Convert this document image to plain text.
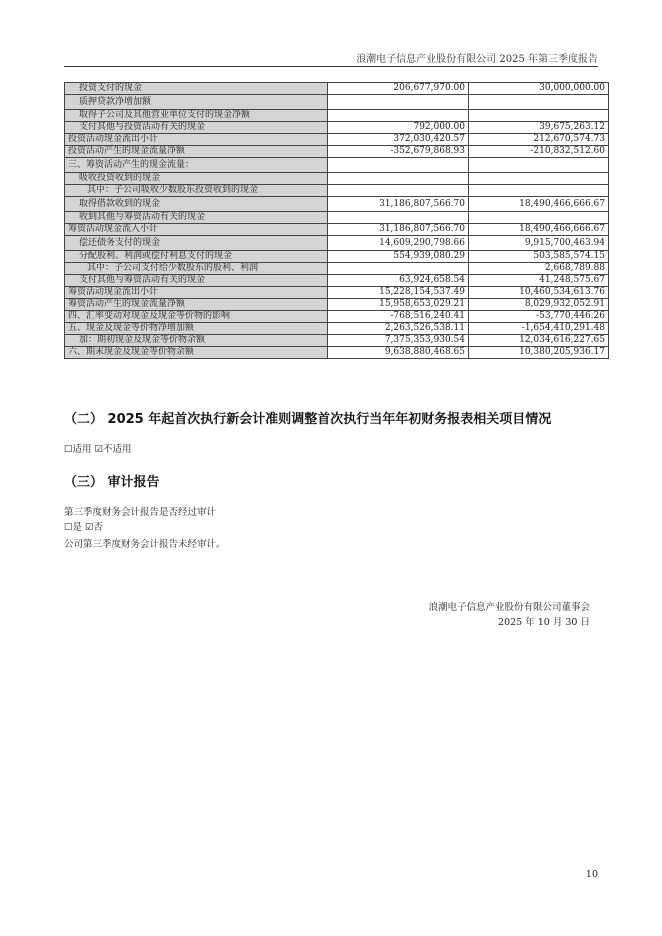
浪潮电子信息产业股份有限公司 2025 年第三季度报告
投资支付的现金	206,677,970.00	30,000,000.00
质押贷款净增加额		
取得子公司及其他营业单位支付的现金净额		
支付其他与投资活动有关的现金	792,000.00	39,675,263.12
投资活动现金流出小计	372,030,420.57	212,670,574.73
投资活动产生的现金流量净额	-352,679,868.93	-210,832,512.60
三、筹资活动产生的现金流量：		
吸收投资收到的现金		
其中：子公司吸收少数股东投资收到的现金		
取得借款收到的现金	31,186,807,566.70	18,490,466,666.67
收到其他与筹资活动有关的现金		
筹资活动现金流入小计	31,186,807,566.70	18,490,466,666.67
偿还债务支付的现金	14,609,290,798.66	9,915,700,463.94
分配股利、利润或偿付利息支付的现金	554,939,080.29	503,585,574.15
其中：子公司支付给少数股东的股利、利润		2,668,789.88
支付其他与筹资活动有关的现金	63,924,658.54	41,248,575.67
筹资活动现金流出小计	15,228,154,537.49	10,460,534,613.76
筹资活动产生的现金流量净额	15,958,653,029.21	8,029,932,052.91
四、汇率变动对现金及现金等价物的影响	-768,516,240.41	-53,770,446.26
五、现金及现金等价物净增加额	2,263,526,538.11	-1,654,410,291.48
加：期初现金及现金等价物余额	7,375,353,930.54	12,034,616,227.65
六、期末现金及现金等价物余额	9,638,880,468.65	10,380,205,936.17
（二） 2025 年起首次执行新会计准则调整首次执行当年年初财务报表相关项目情况
☐适用 ☑不适用
（三） 审计报告
第三季度财务会计报告是否经过审计
☐是 ☑否
公司第三季度财务会计报告未经审计。
浪潮电子信息产业股份有限公司董事会
2025 年 10 月 30 日
10
